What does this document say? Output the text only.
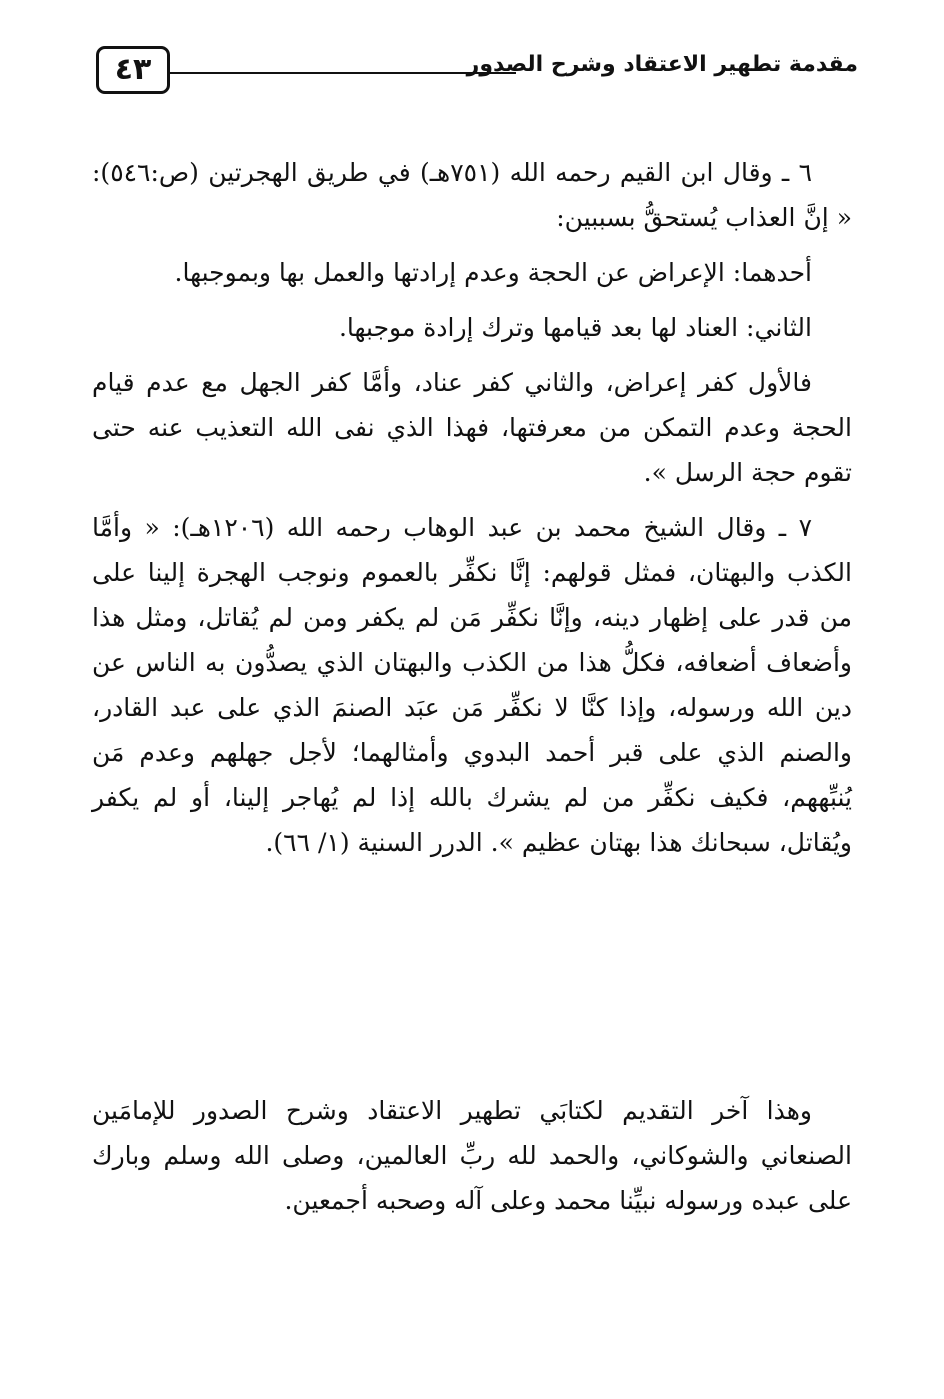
٤٣	مقدمة تطهير الاعتقاد وشرح الصدور

٦ ـ وقال ابن القيم رحمه الله (٧٥١هـ) في طريق الهجرتين (ص:٥٤٦): « إنَّ العذاب يُستحقُّ بسببين:

أحدهما: الإعراض عن الحجة وعدم إرادتها والعمل بها وبموجبها.

الثاني: العناد لها بعد قيامها وترك إرادة موجبها.

فالأول كفر إعراض، والثاني كفر عناد، وأمَّا كفر الجهل مع عدم قيام الحجة وعدم التمكن من معرفتها، فهذا الذي نفى الله التعذيب عنه حتى تقوم حجة الرسل ».

٧ ـ وقال الشيخ محمد بن عبد الوهاب رحمه الله (١٢٠٦هـ): « وأمَّا الكذب والبهتان، فمثل قولهم: إنَّا نكفِّر بالعموم ونوجب الهجرة إلينا على من قدر على إظهار دينه، وإنَّا نكفِّر مَن لم يكفر ومن لم يُقاتل، ومثل هذا وأضعاف أضعافه، فكلُّ هذا من الكذب والبهتان الذي يصدُّون به الناس عن دين الله ورسوله، وإذا كنَّا لا نكفِّر مَن عبَد الصنمَ الذي على عبد القادر، والصنم الذي على قبر أحمد البدوي وأمثالهما؛ لأجل جهلهم وعدم مَن يُنبِّههم، فكيف نكفِّر من لم يشرك بالله إذا لم يُهاجر إلينا، أو لم يكفر ويُقاتل، سبحانك هذا بهتان عظيم ». الدرر السنية (١/ ٦٦).

وهذا آخر التقديم لكتابَي تطهير الاعتقاد وشرح الصدور للإمامَين الصنعاني والشوكاني، والحمد لله ربِّ العالمين، وصلى الله وسلم وبارك على عبده ورسوله نبيِّنا محمد وعلى آله وصحبه أجمعين.
